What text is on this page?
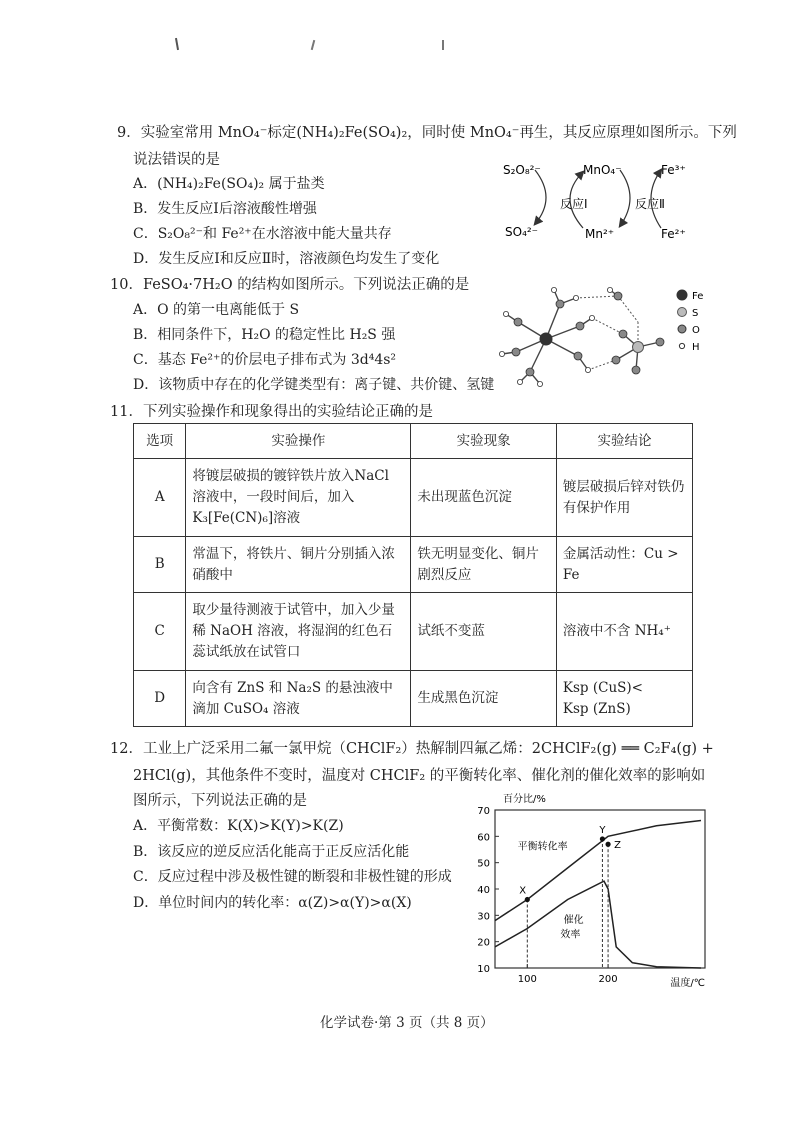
9．实验室常用 MnO₄⁻标定(NH₄)₂Fe(SO₄)₂，同时使 MnO₄⁻再生，其反应原理如图所示。下列
说法错误的是
A．(NH₄)₂Fe(SO₄)₂ 属于盐类
B．发生反应Ⅰ后溶液酸性增强
C．S₂O₈²⁻和 Fe²⁺在水溶液中能大量共存
D．发生反应Ⅰ和反应Ⅱ时，溶液颜色均发生了变化
S₂O₈²⁻
SO₄²⁻
MnO₄⁻
Mn²⁺
Fe³⁺
Fe²⁺
反应Ⅰ	反应Ⅱ
10．FeSO₄·7H₂O 的结构如图所示。下列说法正确的是
A．O 的第一电离能低于 S
B．相同条件下，H₂O 的稳定性比 H₂S 强
C．基态 Fe²⁺的价层电子排布式为 3d⁴4s²
D．该物质中存在的化学键类型有：离子键、共价键、氢键
Fe
S
O
H
11．下列实验操作和现象得出的实验结论正确的是
选项	实验操作	实验现象	实验结论
A	将镀层破损的镀锌铁片放入NaCl 溶液中，一段时间后，加入K₃[Fe(CN)₆]溶液	未出现蓝色沉淀	镀层破损后锌对铁仍有保护作用
B	常温下，将铁片、铜片分别插入浓硝酸中	铁无明显变化、铜片剧烈反应	金属活动性：Cu > Fe
C	取少量待测液于试管中，加入少量稀 NaOH 溶液，将湿润的红色石蕊试纸放在试管口	试纸不变蓝	溶液中不含 NH₄⁺
D	向含有 ZnS 和 Na₂S 的悬浊液中滴加 CuSO₄ 溶液	生成黑色沉淀	Ksp (CuS)<
Ksp (ZnS)
12．工业上广泛采用二氟一氯甲烷（CHClF₂）热解制四氟乙烯：2CHClF₂(g) ══ C₂F₄(g) +
2HCl(g)，其他条件不变时，温度对 CHClF₂ 的平衡转化率、催化剂的催化效率的影响如
图所示，下列说法正确的是
A．平衡常数：K(X)>K(Y)>K(Z)
B．该反应的逆反应活化能高于正反应活化能
C．反应过程中涉及极性键的断裂和非极性键的形成
D．单位时间内的转化率：α(Z)>α(Y)>α(X)
10
20
30
40
50
60
70
100	200
百分比/%
温度/℃
平衡转化率
催化
效率
X
Y
Z
化学试卷·第 3 页（共 8 页）
